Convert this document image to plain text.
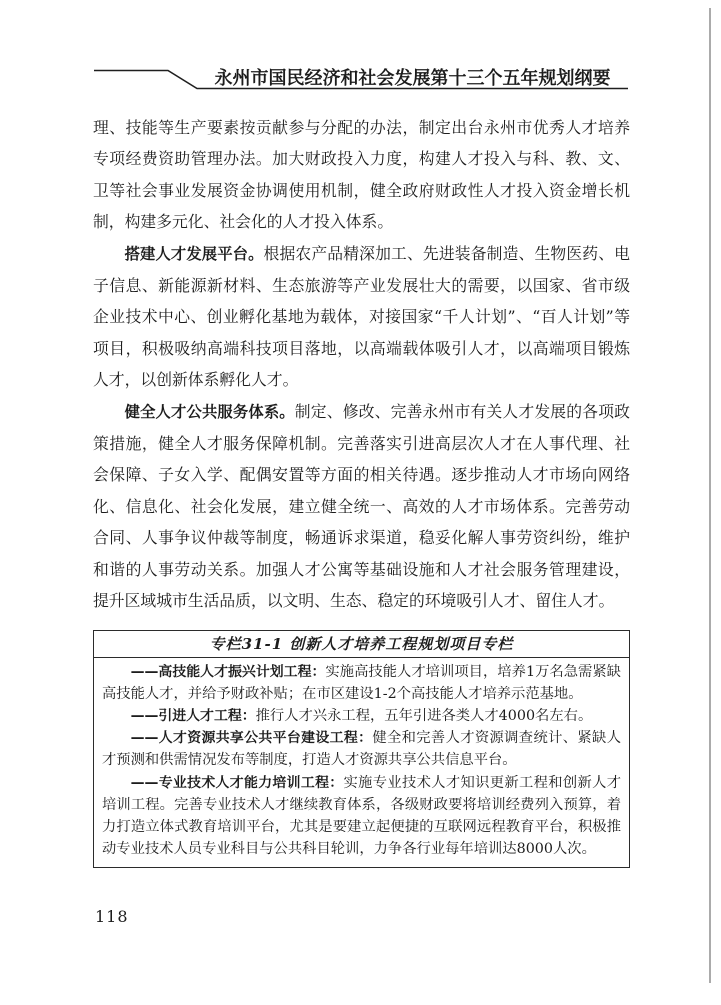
永州市国民经济和社会发展第十三个五年规划纲要

理、技能等生产要素按贡献参与分配的办法，制定出台永州市优秀人才培养专项经费资助管理办法。加大财政投入力度，构建人才投入与科、教、文、卫等社会事业发展资金协调使用机制，健全政府财政性人才投入资金增长机制，构建多元化、社会化的人才投入体系。

搭建人才发展平台。根据农产品精深加工、先进装备制造、生物医药、电子信息、新能源新材料、生态旅游等产业发展壮大的需要，以国家、省市级企业技术中心、创业孵化基地为载体，对接国家“千人计划”、“百人计划”等项目，积极吸纳高端科技项目落地，以高端载体吸引人才，以高端项目锻炼人才，以创新体系孵化人才。

健全人才公共服务体系。制定、修改、完善永州市有关人才发展的各项政策措施，健全人才服务保障机制。完善落实引进高层次人才在人事代理、社会保障、子女入学、配偶安置等方面的相关待遇。逐步推动人才市场向网络化、信息化、社会化发展，建立健全统一、高效的人才市场体系。完善劳动合同、人事争议仲裁等制度，畅通诉求渠道，稳妥化解人事劳资纠纷，维护和谐的人事劳动关系。加强人才公寓等基础设施和人才社会服务管理建设，提升区域城市生活品质，以文明、生态、稳定的环境吸引人才、留住人才。

专栏31-1 创新人才培养工程规划项目专栏

——高技能人才振兴计划工程：实施高技能人才培训项目，培养1万名急需紧缺高技能人才，并给予财政补贴；在市区建设1-2个高技能人才培养示范基地。

——引进人才工程：推行人才兴永工程，五年引进各类人才4000名左右。

——人才资源共享公共平台建设工程：健全和完善人才资源调查统计、紧缺人才预测和供需情况发布等制度，打造人才资源共享公共信息平台。

——专业技术人才能力培训工程：实施专业技术人才知识更新工程和创新人才培训工程。完善专业技术人才继续教育体系，各级财政要将培训经费列入预算，着力打造立体式教育培训平台，尤其是要建立起便捷的互联网远程教育平台，积极推动专业技术人员专业科目与公共科目轮训，力争各行业每年培训达8000人次。

118
